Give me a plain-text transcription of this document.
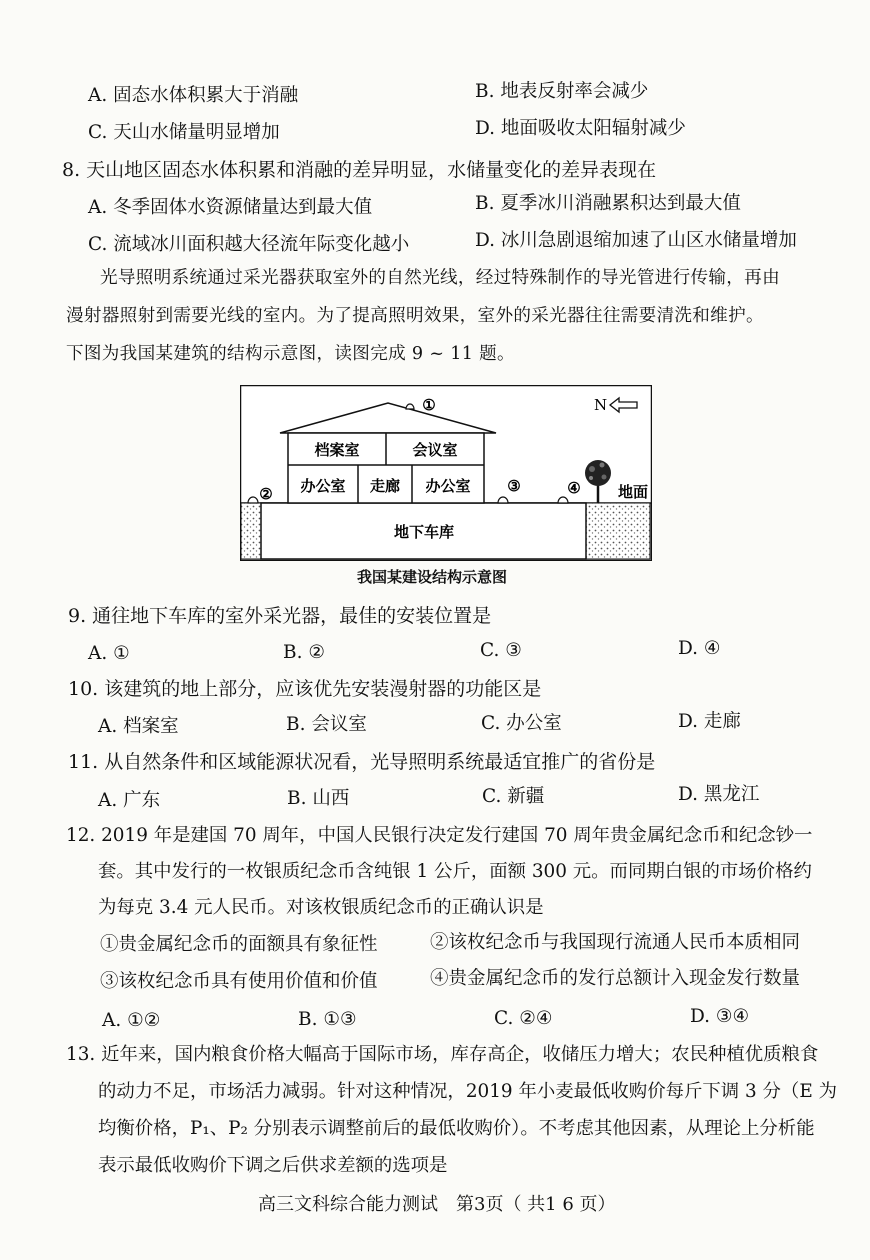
A. 固态水体积累大于消融	B. 地表反射率会减少
C. 天山水储量明显增加	D. 地面吸收太阳辐射减少
8. 天山地区固态水体积累和消融的差异明显，水储量变化的差异表现在
A. 冬季固体水资源储量达到最大值	B. 夏季冰川消融累积达到最大值
C. 流域冰川面积越大径流年际变化越小	D. 冰川急剧退缩加速了山区水储量增加
光导照明系统通过采光器获取室外的自然光线，经过特殊制作的导光管进行传输，再由
漫射器照射到需要光线的室内。为了提高照明效果，室外的采光器往往需要清洗和维护。
下图为我国某建筑的结构示意图，读图完成 9 ~ 11 题。
档案室	会议室
办公室 走廊 办公室
地下车库
①
②	③	④ 地面
N
我国某建设结构示意图
9. 通往地下车库的室外采光器，最佳的安装位置是
A. ①	B. ②	C. ③	D. ④
10. 该建筑的地上部分，应该优先安装漫射器的功能区是
A. 档案室	B. 会议室	C. 办公室	D. 走廊
11. 从自然条件和区域能源状况看，光导照明系统最适宜推广的省份是
A. 广东	B. 山西	C. 新疆	D. 黑龙江
12. 2019 年是建国 70 周年，中国人民银行决定发行建国 70 周年贵金属纪念币和纪念钞一
套。其中发行的一枚银质纪念币含纯银 1 公斤，面额 300 元。而同期白银的市场价格约
为每克 3.4 元人民币。对该枚银质纪念币的正确认识是
①贵金属纪念币的面额具有象征性	②该枚纪念币与我国现行流通人民币本质相同
③该枚纪念币具有使用价值和价值	④贵金属纪念币的发行总额计入现金发行数量
A. ①②	B. ①③	C. ②④	D. ③④
13. 近年来，国内粮食价格大幅高于国际市场，库存高企，收储压力增大；农民种植优质粮食
的动力不足，市场活力减弱。针对这种情况，2019 年小麦最低收购价每斤下调 3 分（E 为
均衡价格，P₁、P₂ 分别表示调整前后的最低收购价）。不考虑其他因素，从理论上分析能
表示最低收购价下调之后供求差额的选项是
高三文科综合能力测试　第3页（ 共1 6 页）
